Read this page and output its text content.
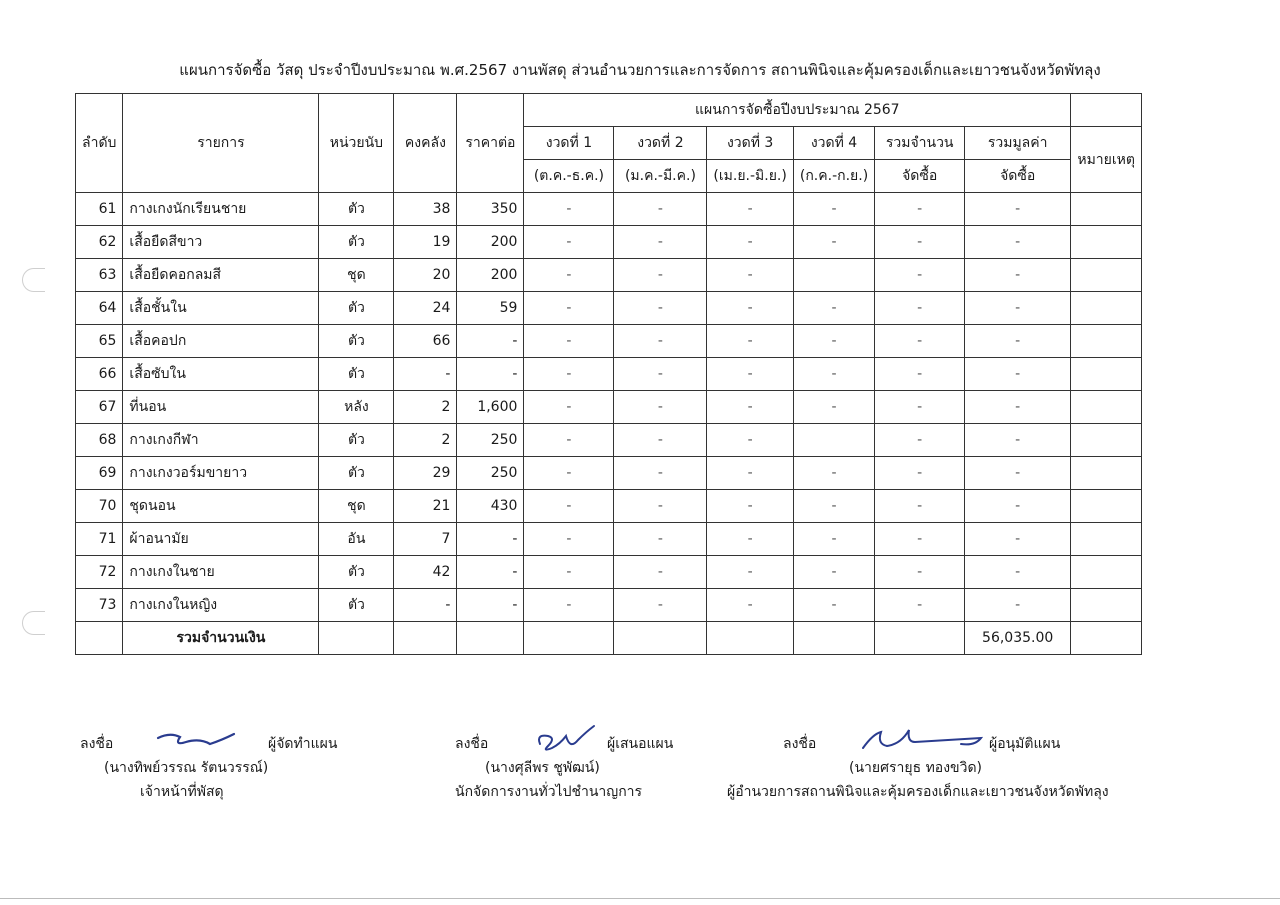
แผนการจัดซื้อ วัสดุ ประจำปีงบประมาณ พ.ศ.2567 งานพัสดุ ส่วนอำนวยการและการจัดการ สถานพินิจและคุ้มครองเด็กและเยาวชนจังหวัดพัทลุง
ลำดับ	รายการ	หน่วยนับ	คงคลัง	ราคาต่อ	แผนการจัดซื้อปีงบประมาณ 2567						
					งวดที่ 1	งวดที่ 2	งวดที่ 3	งวดที่ 4	รวมจำนวน	รวมมูลค่า	หมายเหตุ
					(ต.ค.-ธ.ค.)	(ม.ค.-มี.ค.)	(เม.ย.-มิ.ย.)	(ก.ค.-ก.ย.)	จัดซื้อ	จัดซื้อ	
61	กางเกงนักเรียนชาย	ตัว	38	350	-	-	-	-	-	-	
62	เสื้อยืดสีขาว	ตัว	19	200	-	-	-	-	-	-	
63	เสื้อยืดคอกลมสี	ชุด	20	200	-	-	-		-	-	
64	เสื้อชั้นใน	ตัว	24	59	-	-	-	-	-	-	
65	เสื้อคอปก	ตัว	66	-	-	-	-	-	-	-	
66	เสื้อซับใน	ตัว	-	-	-	-	-	-	-	-	
67	ที่นอน	หลัง	2	1,600	-	-	-	-	-	-	
68	กางเกงกีฬา	ตัว	2	250	-	-	-		-	-	
69	กางเกงวอร์มขายาว	ตัว	29	250	-	-	-	-	-	-	
70	ชุดนอน	ชุด	21	430	-	-	-	-	-	-	
71	ผ้าอนามัย	อัน	7	-	-	-	-	-	-	-	
72	กางเกงในชาย	ตัว	42	-	-	-	-	-	-	-	
73	กางเกงในหญิง	ตัว	-	-	-	-	-	-	-	-	
	รวมจำนวนเงิน									56,035.00	
ลงชื่อ	ผู้จัดทำแผน
(นางทิพย์วรรณ รัตนวรรณ์)
เจ้าหน้าที่พัสดุ
ลงชื่อ	ผู้เสนอแผน
(นางศุลีพร ชูพัฒน์)
นักจัดการงานทั่วไปชำนาญการ
ลงชื่อ	ผู้อนุมัติแผน
(นายศรายุธ ทองขวิด)
ผู้อำนวยการสถานพินิจและคุ้มครองเด็กและเยาวชนจังหวัดพัทลุง
